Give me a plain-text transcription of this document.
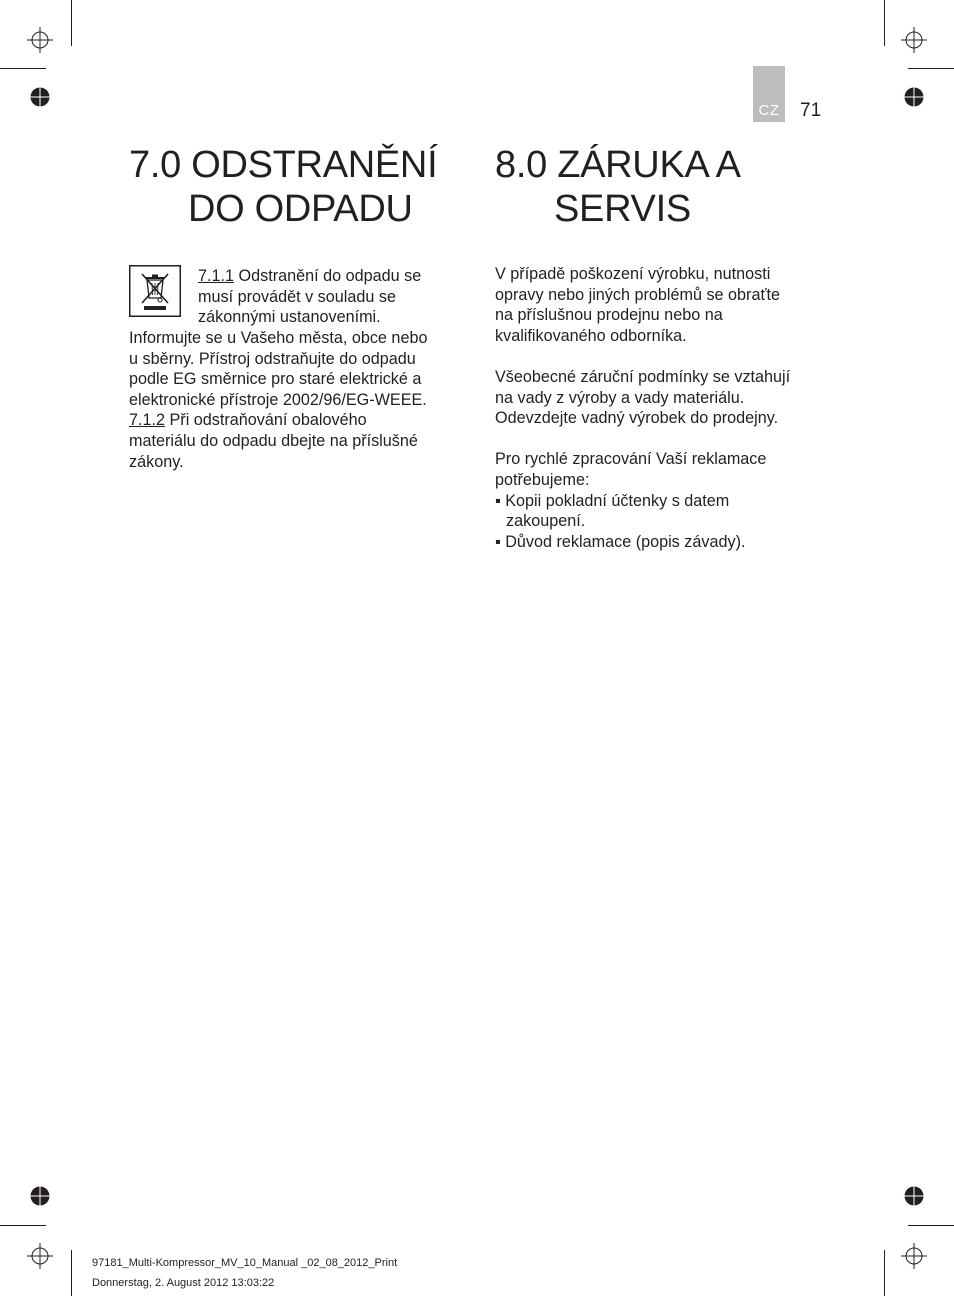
CZ 71
7.0 ODSTRANĚNÍ
DO ODPADU
8.0 ZÁRUKA A
SERVIS

7.1.1 Odstranění do odpadu se

musí provádět v souladu se

zákonnými ustanoveními.

Informujte se u Vašeho města, obce nebo

u sběrny. Přístroj odstraňujte do odpadu

podle EG směrnice pro staré elektrické a

elektronické přístroje 2002/96/EG-WEEE.

7.1.2 Při odstraňování obalového

materiálu do odpadu dbejte na příslušné

zákony.

V případě poškození výrobku, nutnosti

opravy nebo jiných problémů se obraťte

na příslušnou prodejnu nebo na

kvalifikovaného odborníka.

Všeobecné záruční podmínky se vztahují

na vady z výroby a vady materiálu.

Odevzdejte vadný výrobek do prodejny.

Pro rychlé zpracování Vaší reklamace

potřebujeme:

▪ Kopii pokladní účtenky s datem

zakoupení.

▪ Důvod reklamace (popis závady).

97181_Multi-Kompressor_MV_10_Manual _02_08_2012_Print
Donnerstag, 2. August 2012 13:03:22
